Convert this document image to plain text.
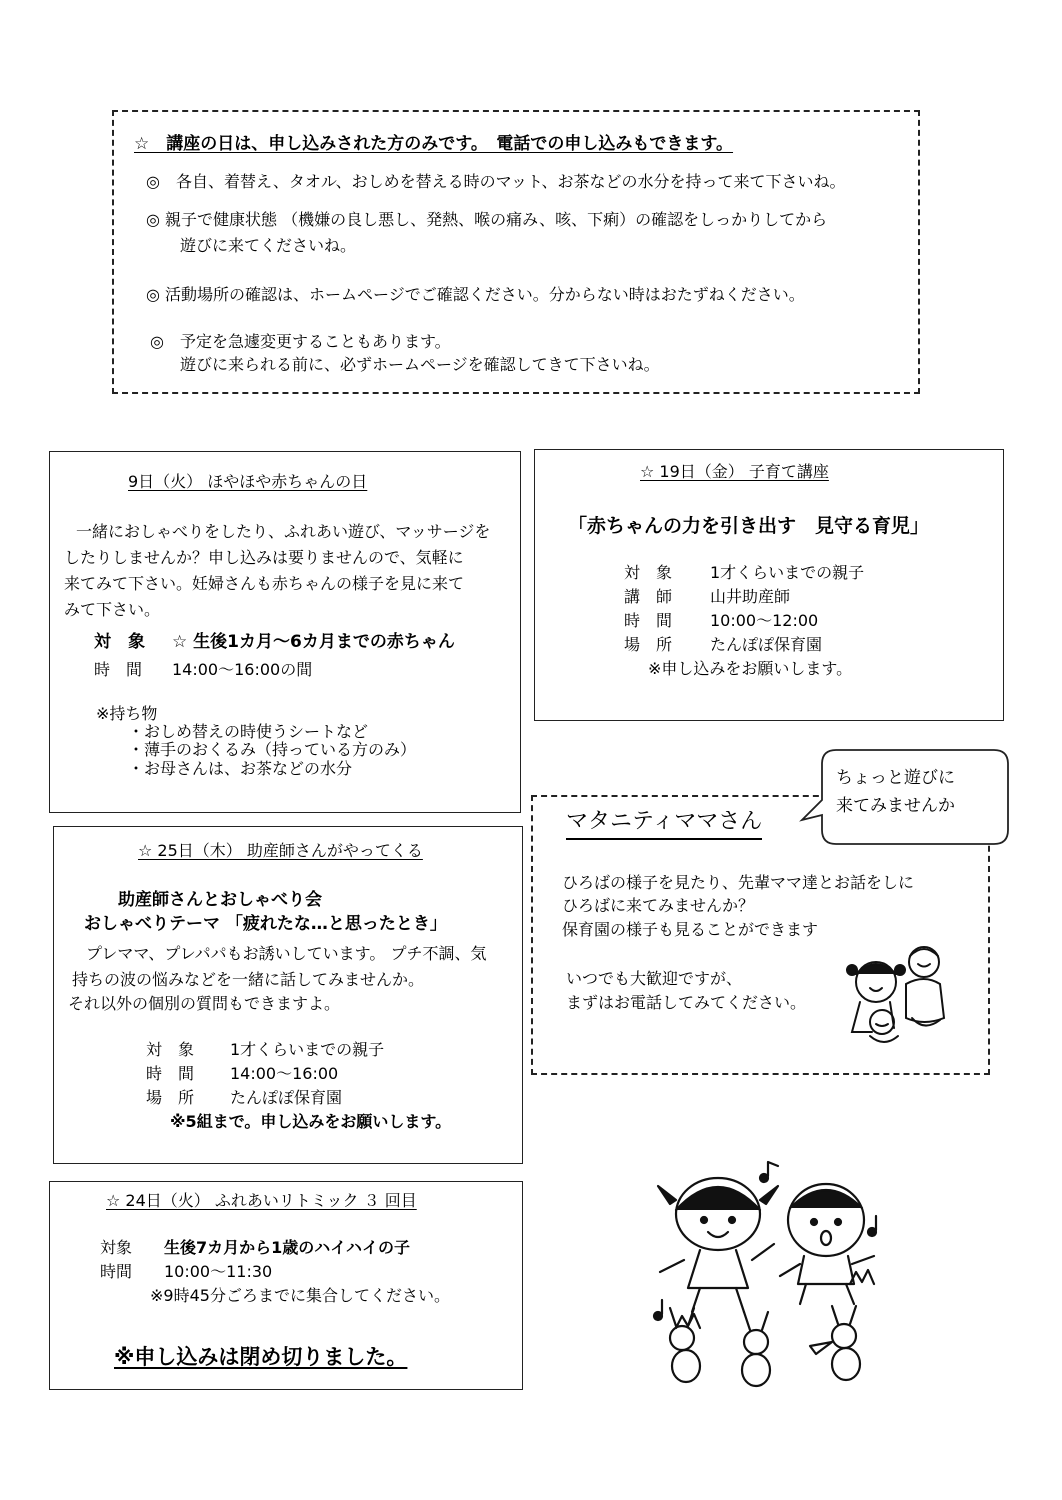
☆　講座の日は、申し込みされた方のみです。　電話での申し込みもできます。
◎　各自、着替え、タオル、おしめを替える時のマット、お茶などの水分を持って来て下さいね。
◎ 親子で健康状態 （機嫌の良し悪し、発熱、喉の痛み、咳、下痢）の確認をしっかりしてから
遊びに来てくださいね。
◎ 活動場所の確認は、ホームページでご確認ください。分からない時はおたずねください。
◎　予定を急遽変更することもあります。
遊びに来られる前に、必ずホームページを確認してきて下さいね。
9日（火） ほやほや赤ちゃんの日
一緒におしゃべりをしたり、ふれあい遊び、マッサージを
したりしませんか？申し込みは要りませんので、気軽に
来てみて下さい。妊婦さんも赤ちゃんの様子を見に来て
みて下さい。
対　象 ☆ 生後1カ月～6カ月までの赤ちゃん
時　間 14:00～16:00の間
※持ち物
・おしめ替えの時使うシートなど
・薄手のおくるみ（持っている方のみ）
・お母さんは、お茶などの水分
☆ 19日（金） 子育て講座
「赤ちゃんの力を引き出す　見守る育児」
対　象 1才くらいまでの親子
講　師 山井助産師
時　間 10:00～12:00
場　所 たんぽぽ保育園
※申し込みをお願いします。
マタニティママさん
ちょっと遊びに
来てみませんか
ひろばの様子を見たり、先輩ママ達とお話をしに
ひろばに来てみませんか？
保育園の様子も見ることができます
いつでも大歓迎ですが、
まずはお電話してみてください。
☆ 25日（木） 助産師さんがやってくる
助産師さんとおしゃべり会
おしゃべりテーマ 「疲れたな…と思ったとき」
プレママ、プレパパもお誘いしています。 プチ不調、気
持ちの波の悩みなどを一緒に話してみませんか。
それ以外の個別の質問もできますよ。
対　象 1才くらいまでの親子
時　間 14:00～16:00
場　所 たんぽぽ保育園
※5組まで。申し込みをお願いします。
☆ 24日（火） ふれあいリトミック ３ 回目
対象 生後7カ月から1歳のハイハイの子
時間 10:00～11:30
※9時45分ごろまでに集合してください。
※申し込みは閉め切りました。
